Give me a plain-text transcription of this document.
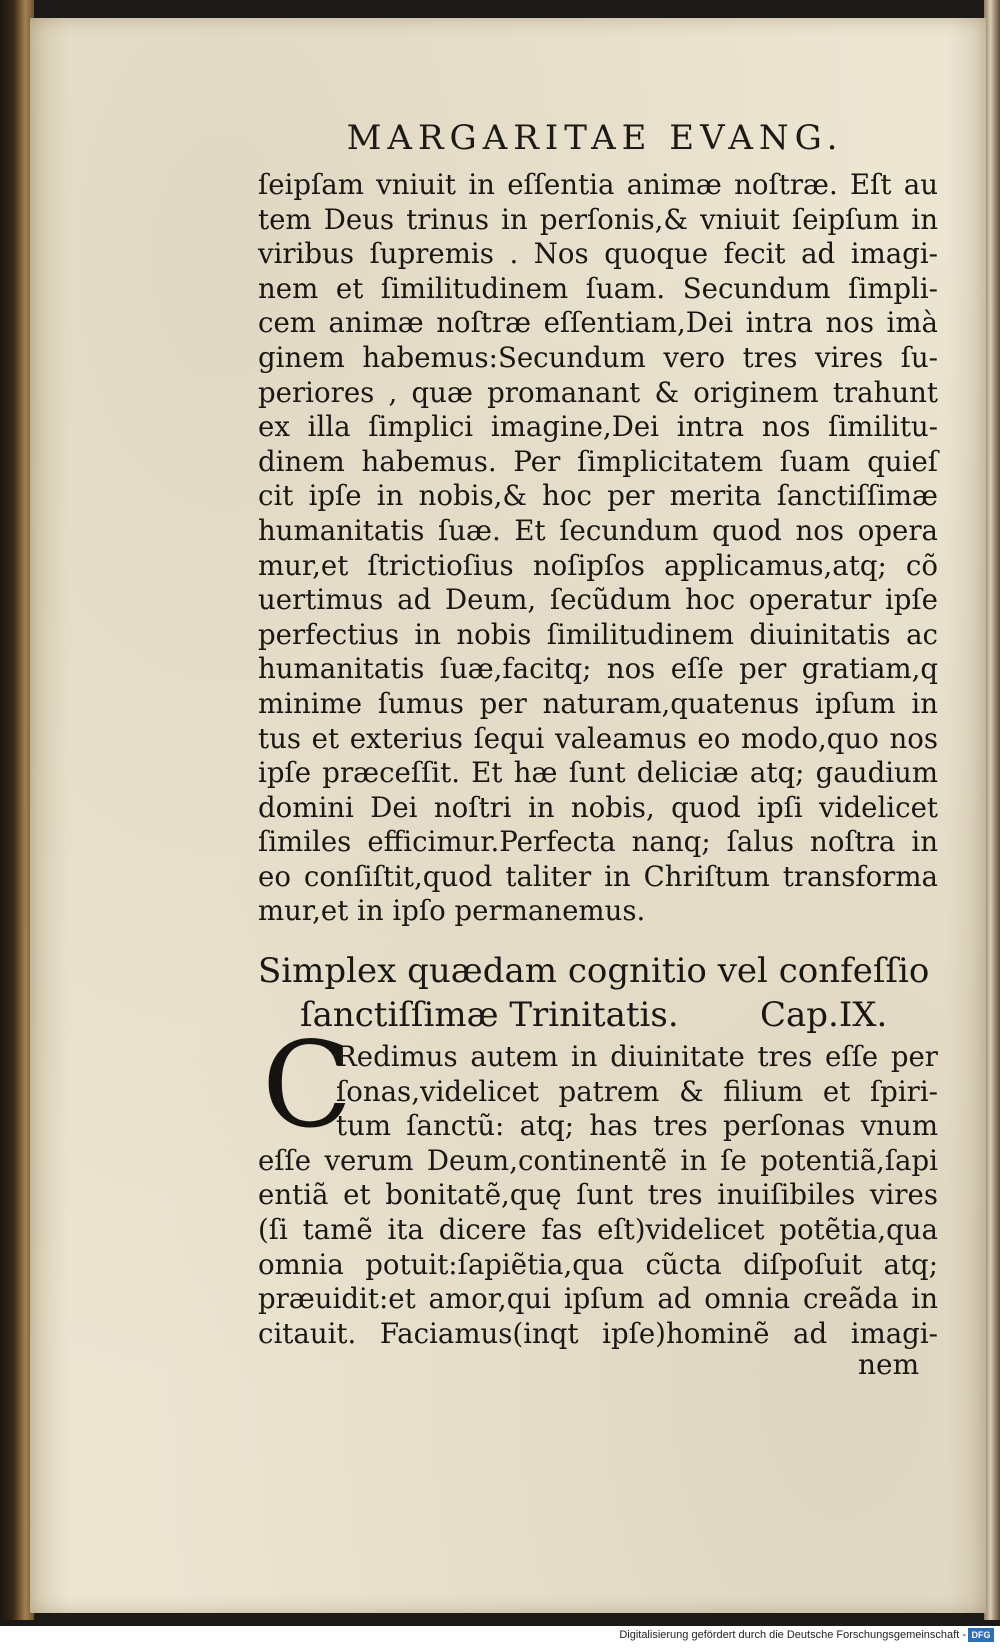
MARGARITAE EVANG.
ſeipſam vniuit in eſſentia animæ noſtræ. Eſt au
tem Deus trinus in perſonis,& vniuit ſeipſum in
viribus ſupremis . Nos quoque fecit ad imagi-
nem et ſimilitudinem ſuam. Secundum ſimpli-
cem animæ noſtræ eſſentiam,Dei intra nos imà
ginem habemus:Secundum vero tres vires ſu-
periores , quæ promanant & originem trahunt
ex illa ſimplici imagine,Dei intra nos ſimilitu-
dinem habemus. Per ſimplicitatem ſuam quieſ
cit ipſe in nobis,& hoc per merita ſanctiſſimæ
humanitatis ſuæ. Et ſecundum quod nos opera
mur,et ſtrictioſius noſipſos applicamus,atq; cõ
uertimus ad Deum, ſecũdum hoc operatur ipſe
perfectius in nobis ſimilitudinem diuinitatis ac
humanitatis ſuæ,facitq; nos eſſe per gratiam,q
minime ſumus per naturam,quatenus ipſum in
tus et exterius ſequi valeamus eo modo,quo nos
ipſe præceſſit. Et hæ ſunt deliciæ atq; gaudium
domini Dei noſtri in nobis, quod ipſi videlicet
ſimiles efficimur.Perfecta nanq; ſalus noſtra in
eo conſiſtit,quod taliter in Chriſtum transforma
mur,et in ipſo permanemus.
Simplex quædam cognitio vel confeſſio
ſanctiſſimæ Trinitatis. Cap.IX.
C
Redimus autem in diuinitate tres eſſe per
ſonas,videlicet patrem & filium et ſpiri-
tum ſanctũ: atq; has tres perſonas vnum
eſſe verum Deum,continentẽ in ſe potentiã,ſapi
entiã et bonitatẽ,quę ſunt tres inuiſibiles vires
(ſi tamẽ ita dicere fas eſt)videlicet potẽtia,qua
omnia potuit:ſapiẽtia,qua cũcta diſpoſuit atq;
præuidit:et amor,qui ipſum ad omnia creãda in
citauit. Faciamus(inqt ipſe)hominẽ ad imagi-
nem
Digitalisierung gefördert durch die Deutsche Forschungsgemeinschaft - DFG
